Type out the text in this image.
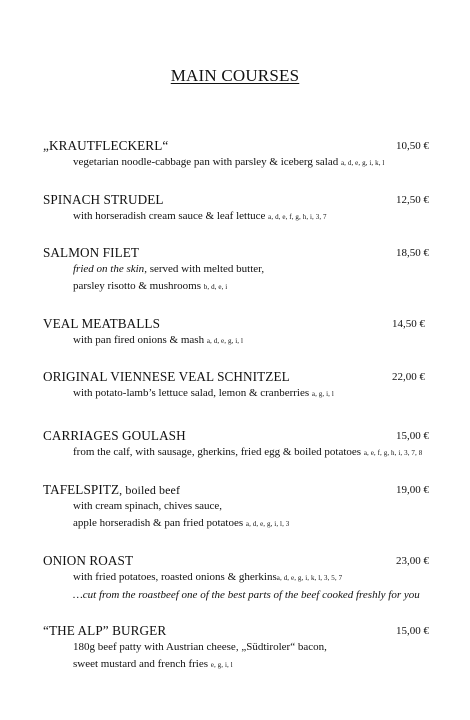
MAIN COURSES
„KRAUTFLECKERL“	10,50 €
vegetarian noodle-cabbage pan with parsley & iceberg salad a, d, e, g, i, k, l
SPINACH STRUDEL	12,50 €
with horseradish cream sauce & leaf lettuce a, d, e, f, g, h, i, 3, 7
SALMON FILET	18,50 €
fried on the skin, served with melted butter,
parsley risotto & mushrooms b, d, e, i
VEAL MEATBALLS	14,50 €
with pan fired onions & mash a, d, e, g, i, l
ORIGINAL VIENNESE VEAL SCHNITZEL	22,00 €
with potato-lamb’s lettuce salad, lemon & cranberries a, g, i, l
CARRIAGES GOULASH	15,00 €
from the calf, with sausage, gherkins, fried egg & boiled potatoes a, e, f, g, h, i, 3, 7, 8
TAFELSPITZ, boiled beef	19,00 €
with cream spinach, chives sauce,
apple horseradish & pan fried potatoes a, d, e, g, i, l, 3
ONION ROAST	23,00 €
with fried potatoes, roasted onions & gherkinsa, d, e, g, i, k, l, 3, 5, 7
…cut from the roastbeef one of the best parts of the beef cooked freshly for you
“THE ALP” BURGER	15,00 €
180g beef patty with Austrian cheese, „Südtiroler“ bacon,
sweet mustard and french fries e, g, i, l
